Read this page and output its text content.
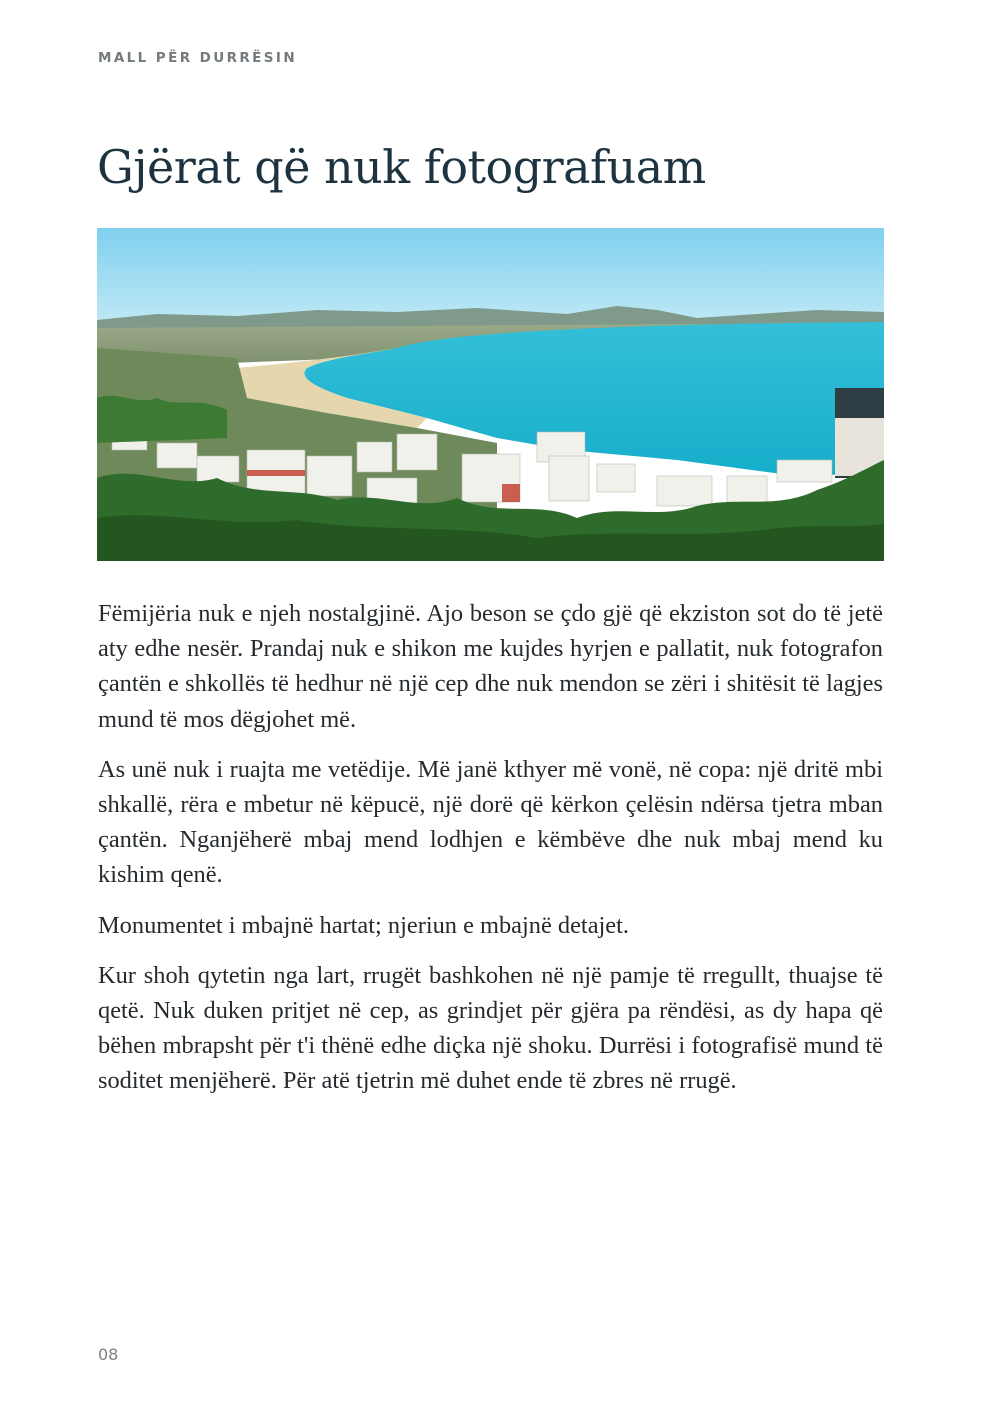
MALL PËR DURRËSIN
Gjërat që nuk fotografuam

Fëmijëria nuk e njeh nostalgjinë. Ajo beson se çdo gjë që ekziston sot do të jetë aty edhe nesër. Prandaj nuk e shikon me kujdes hyrjen e pallatit, nuk fotografon çantën e shkollës të hedhur në një cep dhe nuk mendon se zëri i shitësit të lagjes mund të mos dëgjohet më.

As unë nuk i ruajta me vetëdije. Më janë kthyer më vonë, në copa: një dritë mbi shkallë, rëra e mbetur në këpucë, një dorë që kërkon çelësin ndërsa tjetra mban çantën. Nganjëherë mbaj mend lodhjen e këmbëve dhe nuk mbaj mend ku kishim qenë.

Monumentet i mbajnë hartat; njeriun e mbajnë detajet.

Kur shoh qytetin nga lart, rrugët bashkohen në një pamje të rregullt, thuajse të qetë. Nuk duken pritjet në cep, as grindjet për gjëra pa rëndësi, as dy hapa që bëhen mbrapsht për t'i thënë edhe diçka një shoku. Durrësi i fotografisë mund të soditet menjëherë. Për atë tjetrin më duhet ende të zbres në rrugë.

08
